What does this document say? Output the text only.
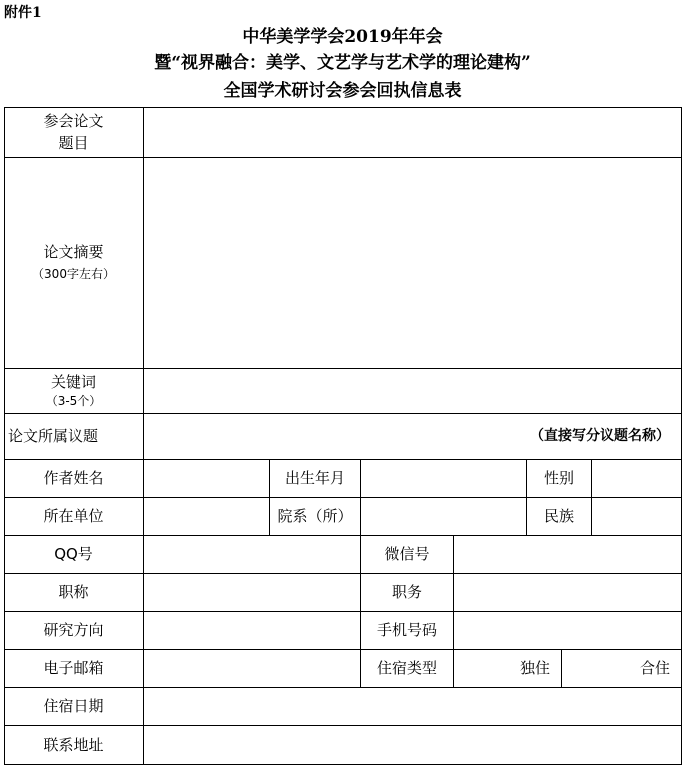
附件1
中华美学学会2019年年会
暨“视界融合：美学、文艺学与艺术学的理论建构”
全国学术研讨会参会回执信息表
参会论文
题目
论文摘要
（300字左右）
关键词
（3-5个）
论文所属议题	（直接写分议题名称）
作者姓名	出生年月	性别
所在单位	院系（所）	民族
QQ号	微信号
职称	职务
研究方向	手机号码
电子邮箱	住宿类型	独住	合住
住宿日期
联系地址
